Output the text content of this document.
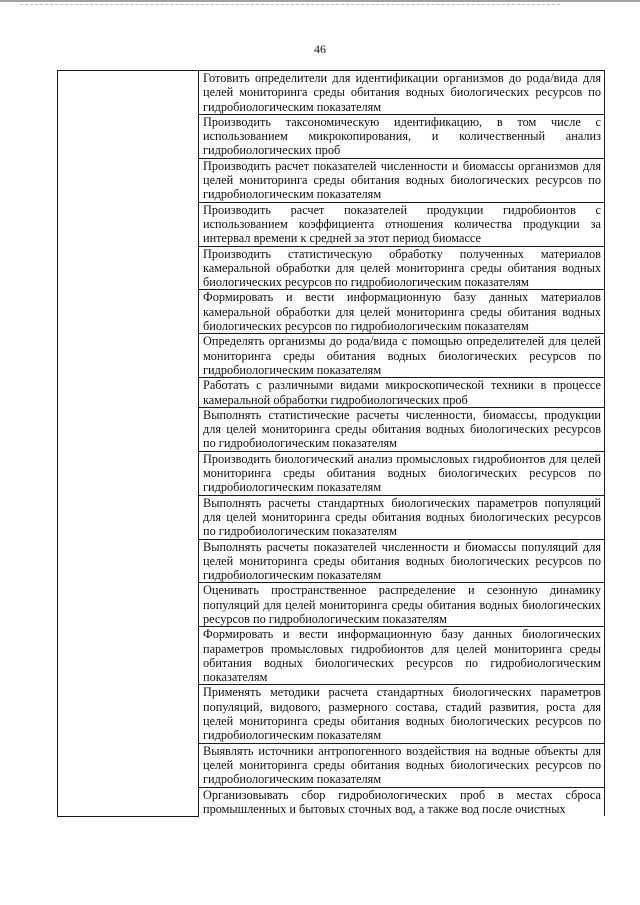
46

Готовить определители для идентификации организмов до рода/вида для целей мониторинга среды обитания водных биологических ресурсов по гидробиологическим показателям

Производить таксономическую идентификацию, в том числе с использованием микрокопирования, и количественный анализ гидробиологических проб

Производить расчет показателей численности и биомассы организмов для целей мониторинга среды обитания водных биологических ресурсов по гидробиологическим показателям

Производить расчет показателей продукции гидробионтов с использованием коэффициента отношения количества продукции за интервал времени к средней за этот период биомассе

Производить статистическую обработку полученных материалов камеральной обработки для целей мониторинга среды обитания водных биологических ресурсов по гидробиологическим показателям

Формировать и вести информационную базу данных материалов камеральной обработки для целей мониторинга среды обитания водных биологических ресурсов по гидробиологическим показателям

Определять организмы до рода/вида с помощью определителей для целей мониторинга среды обитания водных биологических ресурсов по гидробиологическим показателям

Работать с различными видами микроскопической техники в процессе камеральной обработки гидробиологических проб

Выполнять статистические расчеты численности, биомассы, продукции для целей мониторинга среды обитания водных биологических ресурсов по гидробиологическим показателям

Производить биологический анализ промысловых гидробионтов для целей мониторинга среды обитания водных биологических ресурсов по гидробиологическим показателям

Выполнять расчеты стандартных биологических параметров популяций для целей мониторинга среды обитания водных биологических ресурсов по гидробиологическим показателям

Выполнять расчеты показателей численности и биомассы популяций для целей мониторинга среды обитания водных биологических ресурсов по гидробиологическим показателям

Оценивать пространственное распределение и сезонную динамику популяций для целей мониторинга среды обитания водных биологических ресурсов по гидробиологическим показателям

Формировать и вести информационную базу данных биологических параметров промысловых гидробионтов для целей мониторинга среды обитания водных биологических ресурсов по гидробиологическим показателям

Применять методики расчета стандартных биологических параметров популяций, видового, размерного состава, стадий развития, роста для целей мониторинга среды обитания водных биологических ресурсов по гидробиологическим показателям

Выявлять источники антропогенного воздействия на водные объекты для целей мониторинга среды обитания водных биологических ресурсов по гидробиологическим показателям

Организовывать сбор гидробиологических проб в местах сброса промышленных и бытовых сточных вод, а также вод после очистных
